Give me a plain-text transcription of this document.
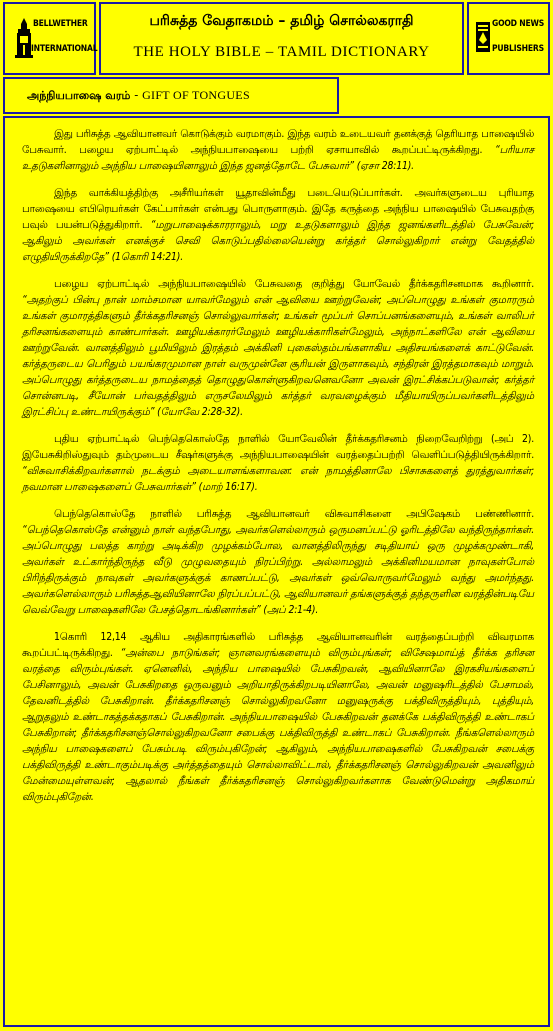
BELLWETHER
INTERNATIONAL
பரிசுத்த வேதாகமம் – தமிழ் சொல்லகராதி
THE HOLY BIBLE – TAMIL DICTIONARY
GOOD NEWS
PUBLISHERS
அந்நியபாஷை வரம் - GIFT OF TONGUES

இது பரிசுத்த ஆவியானவர் கொடுக்கும் வரமாகும். இந்த வரம் உடையவர் தனக்குத் தெரியாத பாஷையில் பேசுவார். பழைய ஏற்பாட்டில் அந்நியபாஷையை பற்றி ஏசாயாவில் கூறப்பட்டிருக்கிறது. “பரியாச உதடுகளினாலும் அந்நிய பாஷையினாலும் இந்த ஜனத்தோடே பேசுவார்” (ஏசா 28:11).

இந்த வாக்கியத்திற்கு அசீரியர்கள் யூதாவின்மீது படையெடுப்பார்கள். அவர்களுடைய புரியாத பாஷையை எபிரெயர்கள் கேட்பார்கள் என்பது பொருளாகும். இதே கருத்தை அந்நிய பாஷையில் பேசுவதற்கு பவுல் பயன்படுத்துகிறார். “மறுபாஷைக்காரராலும், மறு உதடுகளாலும் இந்த ஜனங்களிடத்தில் பேசுவேன்; ஆகிலும் அவர்கள் எனக்குச் செவி கொடுப்பதில்லையென்று கர்த்தர் சொல்லுகிறார் என்று வேதத்தில் எழுதியிருக்கிறதே” (1கொரி 14:21).

பழைய ஏற்பாட்டில் அந்நியபாஷையில் பேசுவதை குறித்து யோவேல் தீர்க்கதரிசனமாக கூறினார். “அதற்குப் பின்பு நான் மாம்சமான யாவர்மேலும் என் ஆவியை ஊற்றுவேன்; அப்பொழுது உங்கள் குமாரரும் உங்கள் குமாரத்திகளும் தீர்க்கதரிசனஞ் சொல்லுவார்கள்; உங்கள் மூப்பர் சொப்பனங்களையும், உங்கள் வாலிபர் தரிசனங்களையும் காண்பார்கள். ஊழியக்காரர்மேலும் ஊழியக்காரிகள்மேலும், அந்நாட்களிலே என் ஆவியை ஊற்றுவேன். வானத்திலும் பூமியிலும் இரத்தம் அக்கினி புகைஸ்தம்பங்களாகிய அதிசயங்களைக் காட்டுவேன். கர்த்தருடைய பெரிதும் பயங்கரமுமான நாள் வருமுன்னே சூரியன் இருளாகவும், சந்திரன் இரத்தமாகவும் மாறும். அப்பொழுது கர்த்தருடைய நாமத்தைத் தொழுதுகொள்ளுகிறவனெவனோ அவன் இரட்சிக்கப்படுவான்; கர்த்தர் சொன்னபடி, சீயோன் பர்வதத்திலும் எருசலேமிலும் கர்த்தர் வரவழைக்கும் மீதியாயிருப்பவர்களிடத்திலும் இரட்சிப்பு உண்டாயிருக்கும்” (யோவே 2:28-32).

புதிய ஏற்பாட்டில் பெந்தெகொஸ்தே நாளில் யோவேலின் தீர்க்கதரிசனம் நிறைவேறிற்று (அப் 2). இயேசுகிறிஸ்துவும் தம்முடைய சீஷர்களுக்கு அந்நியபாஷையின் வரத்தைப்பற்றி வெளிப்படுத்தியிருக்கிறார். “விசுவாசிக்கிறவர்களால் நடக்கும் அடையாளங்களாவன: என் நாமத்தினாலே பிசாசுகளைத் துரத்துவார்கள்; நவமான பாஷைகளைப் பேசுவார்கள்” (மாற் 16:17).

பெந்தெகொஸ்தே நாளில் பரிசுத்த ஆவியானவர் விசுவாசிகளை அபிஷேகம் பண்ணினார். “பெந்தெகொஸ்தே என்னும் நாள் வந்தபோது, அவர்களெல்லாரும் ஒருமனப்பட்டு ஓரிடத்திலே வந்திருந்தார்கள். அப்பொழுது பலத்த காற்று அடிக்கிற முழக்கம்போல, வானத்திலிருந்து சடிதியாய் ஒரு முழக்கமுண்டாகி, அவர்கள் உட்கார்ந்திருந்த வீடு முழுவதையும் நிரப்பிற்று. அல்லாமலும் அக்கினிமயமான நாவுகள்போல் பிரிந்திருக்கும் நாவுகள் அவர்களுக்குக் காணப்பட்டு, அவர்கள் ஒவ்வொருவர்மேலும் வந்து அமர்ந்தது. அவர்களெல்லாரும் பரிசுத்தஆவியினாலே நிரப்பப்பட்டு, ஆவியானவர் தங்களுக்குத் தந்தருளின வரத்தின்படியே வெவ்வேறு பாஷைகளிலே பேசத்தொடங்கினார்கள்” (அப் 2:1-4).

1கொரி 12,14 ஆகிய அதிகாரங்களில் பரிசுத்த ஆவியானவரின் வரத்தைப்பற்றி விவரமாக கூறப்பட்டிருக்கிறது. “அன்பை நாடுங்கள்; ஞானவரங்களையும் விரும்புங்கள்; விசேஷமாய்த் தீர்க்க தரிசன வரத்தை விரும்புங்கள். ஏனெனில், அந்நிய பாஷையில் பேசுகிறவன், ஆவியினாலே இரகசியங்களைப் பேசினாலும், அவன் பேசுகிறதை ஒருவனும் அறியாதிருக்கிறபடியினாலே, அவன் மனுஷரிடத்தில் பேசாமல், தேவனிடத்தில் பேசுகிறான். தீர்க்கதரிசனஞ் சொல்லுகிறவனோ மனுஷருக்கு பக்திவிருத்தியும், புத்தியும், ஆறுதலும் உண்டாகத்தக்கதாகப் பேசுகிறான். அந்நியபாஷையில் பேசுகிறவன் தனக்கே பக்திவிருத்தி உண்டாகப் பேசுகிறான்; தீர்க்கதரிசனஞ்சொல்லுகிறவனோ சபைக்கு பக்திவிருத்தி உண்டாகப் பேசுகிறான். நீங்களெல்லாரும் அந்நிய பாஷைகளைப் பேசும்படி விரும்புகிறேன்; ஆகிலும், அந்நியபாஷைகளில் பேசுகிறவன் சபைக்கு பக்திவிருத்தி உண்டாகும்படிக்கு அர்த்தத்தையும் சொல்லாவிட்டால், தீர்க்கதரிசனஞ் சொல்லுகிறவன் அவனிலும் மேன்மையுள்ளவன்; ஆதலால் நீங்கள் தீர்க்கதரிசனஞ் சொல்லுகிறவர்களாக வேண்டுமென்று அதிகமாய் விரும்புகிறேன்.
